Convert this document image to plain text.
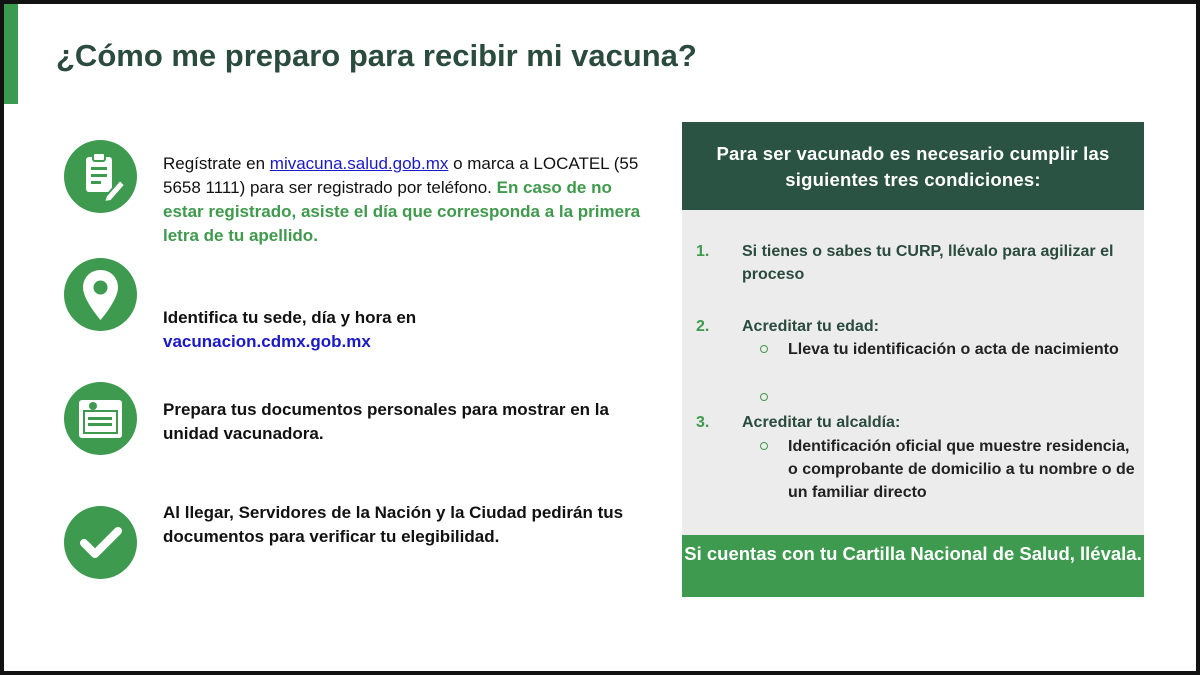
¿Cómo me preparo para recibir mi vacuna?
Regístrate en mivacuna.salud.gob.mx o marca a LOCATEL (55 5658 1111) para ser registrado por teléfono. En caso de no estar registrado, asiste el día que corresponda a la primera letra de tu apellido.
Identifica tu sede, día y hora en
vacunacion.cdmx.gob.mx
Prepara tus documentos personales para mostrar en la unidad vacunadora.
Al llegar, Servidores de la Nación y la Ciudad pedirán tus documentos para verificar tu elegibilidad.
Para ser vacunado es necesario cumplir las siguientes tres condiciones:
1. Si tienes o sabes tu CURP, llévalo para agilizar el proceso
2. Acreditar tu edad:
Lleva tu identificación o acta de nacimiento
3. Acreditar tu alcaldía:
Identificación oficial que muestre residencia, o comprobante de domicilio a tu nombre o de un familiar directo
Si cuentas con tu Cartilla Nacional de Salud, llévala.
